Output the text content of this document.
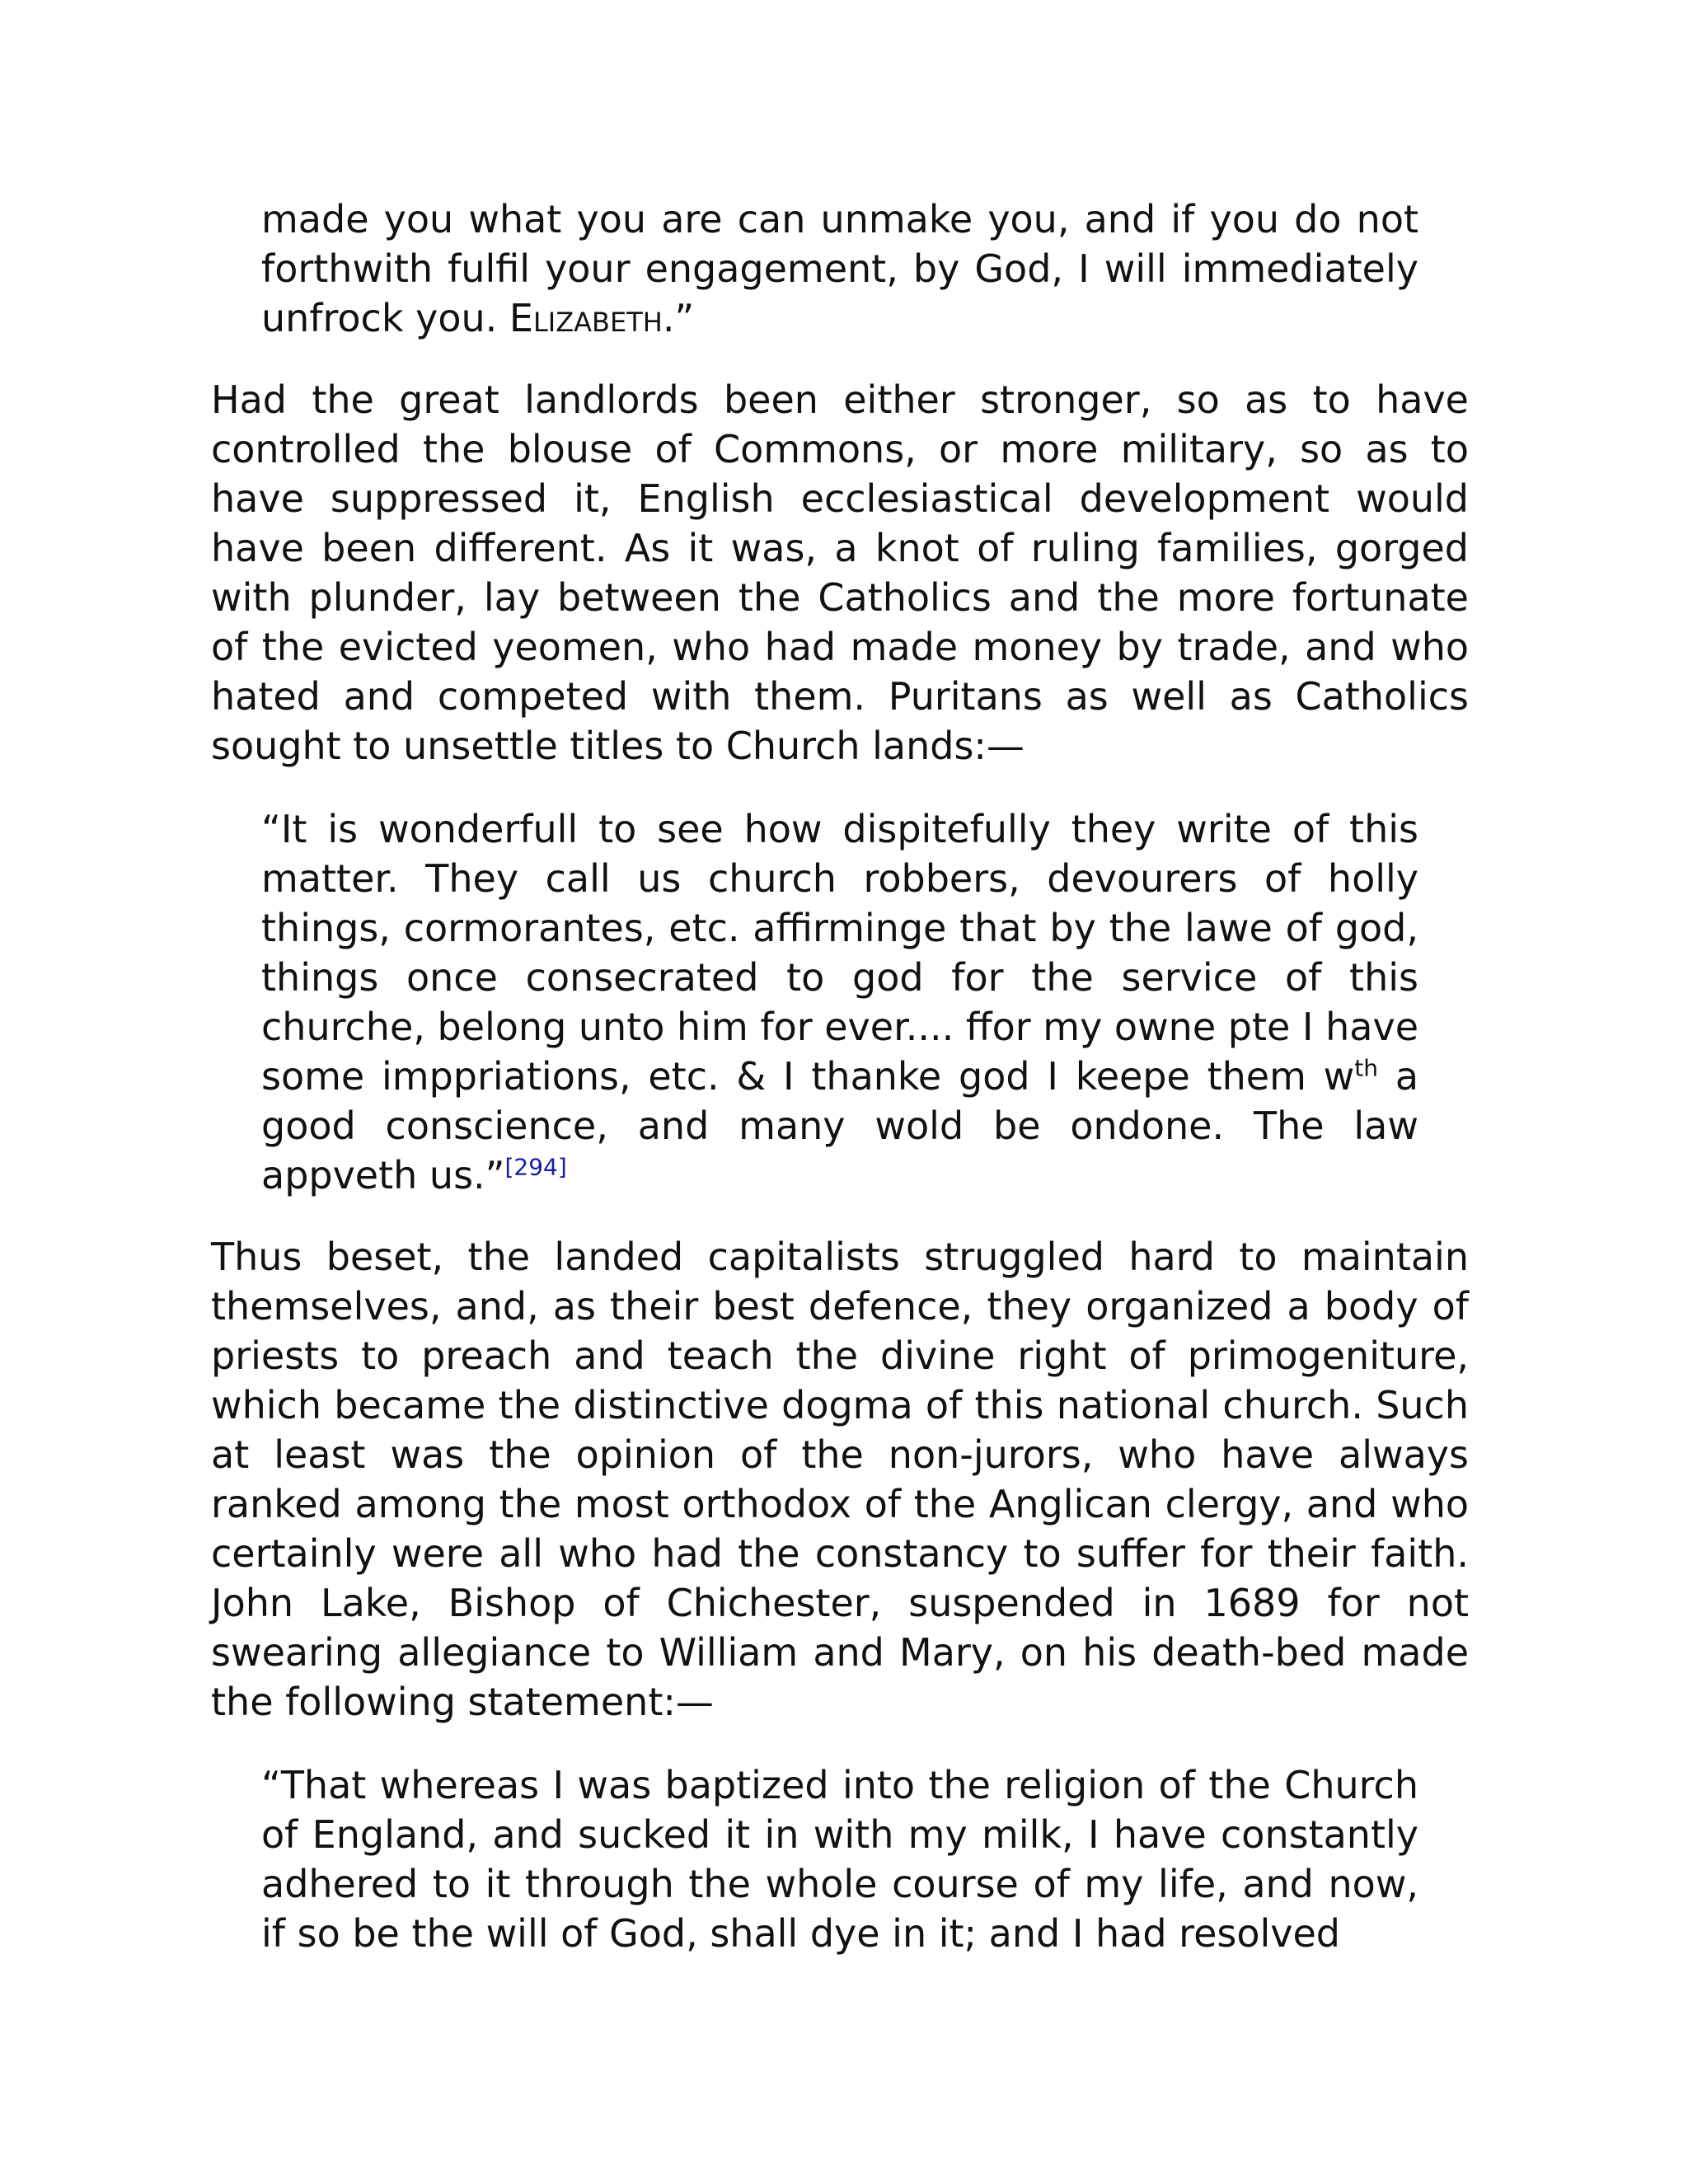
made you what you are can unmake you, and if you do not forthwith fulfil your engagement, by God, I will immediately unfrock you. Elizabeth.”

Had the great landlords been either stronger, so as to have controlled the blouse of Commons, or more military, so as to have suppressed it, English ecclesiastical development would have been different. As it was, a knot of ruling families, gorged with plunder, lay between the Catholics and the more fortunate of the evicted yeomen, who had made money by trade, and who hated and competed with them. Puritans as well as Catholics sought to unsettle titles to Church lands:—

“It is wonderfull to see how dispitefully they write of this matter. They call us church robbers, devourers of holly things, cormorantes, etc. affirminge that by the lawe of god, things once consecrated to god for the service of this churche, belong unto him for ever.... ffor my owne pte I have some imppriations, etc. & I thanke god I keepe them $w^{th}$ a good conscience, and many wold be ondone. The law appveth us.”[294]

Thus beset, the landed capitalists struggled hard to maintain themselves, and, as their best defence, they organized a body of priests to preach and teach the divine right of primogeniture, which became the distinctive dogma of this national church. Such at least was the opinion of the non-jurors, who have always ranked among the most orthodox of the Anglican clergy, and who certainly were all who had the constancy to suffer for their faith. John Lake, Bishop of Chichester, suspended in 1689 for not swearing allegiance to William and Mary, on his death-bed made the following statement:—

“That whereas I was baptized into the religion of the Church of England, and sucked it in with my milk, I have constantly adhered to it through the whole course of my life, and now, if so be the will of God, shall dye in it; and I had resolved
